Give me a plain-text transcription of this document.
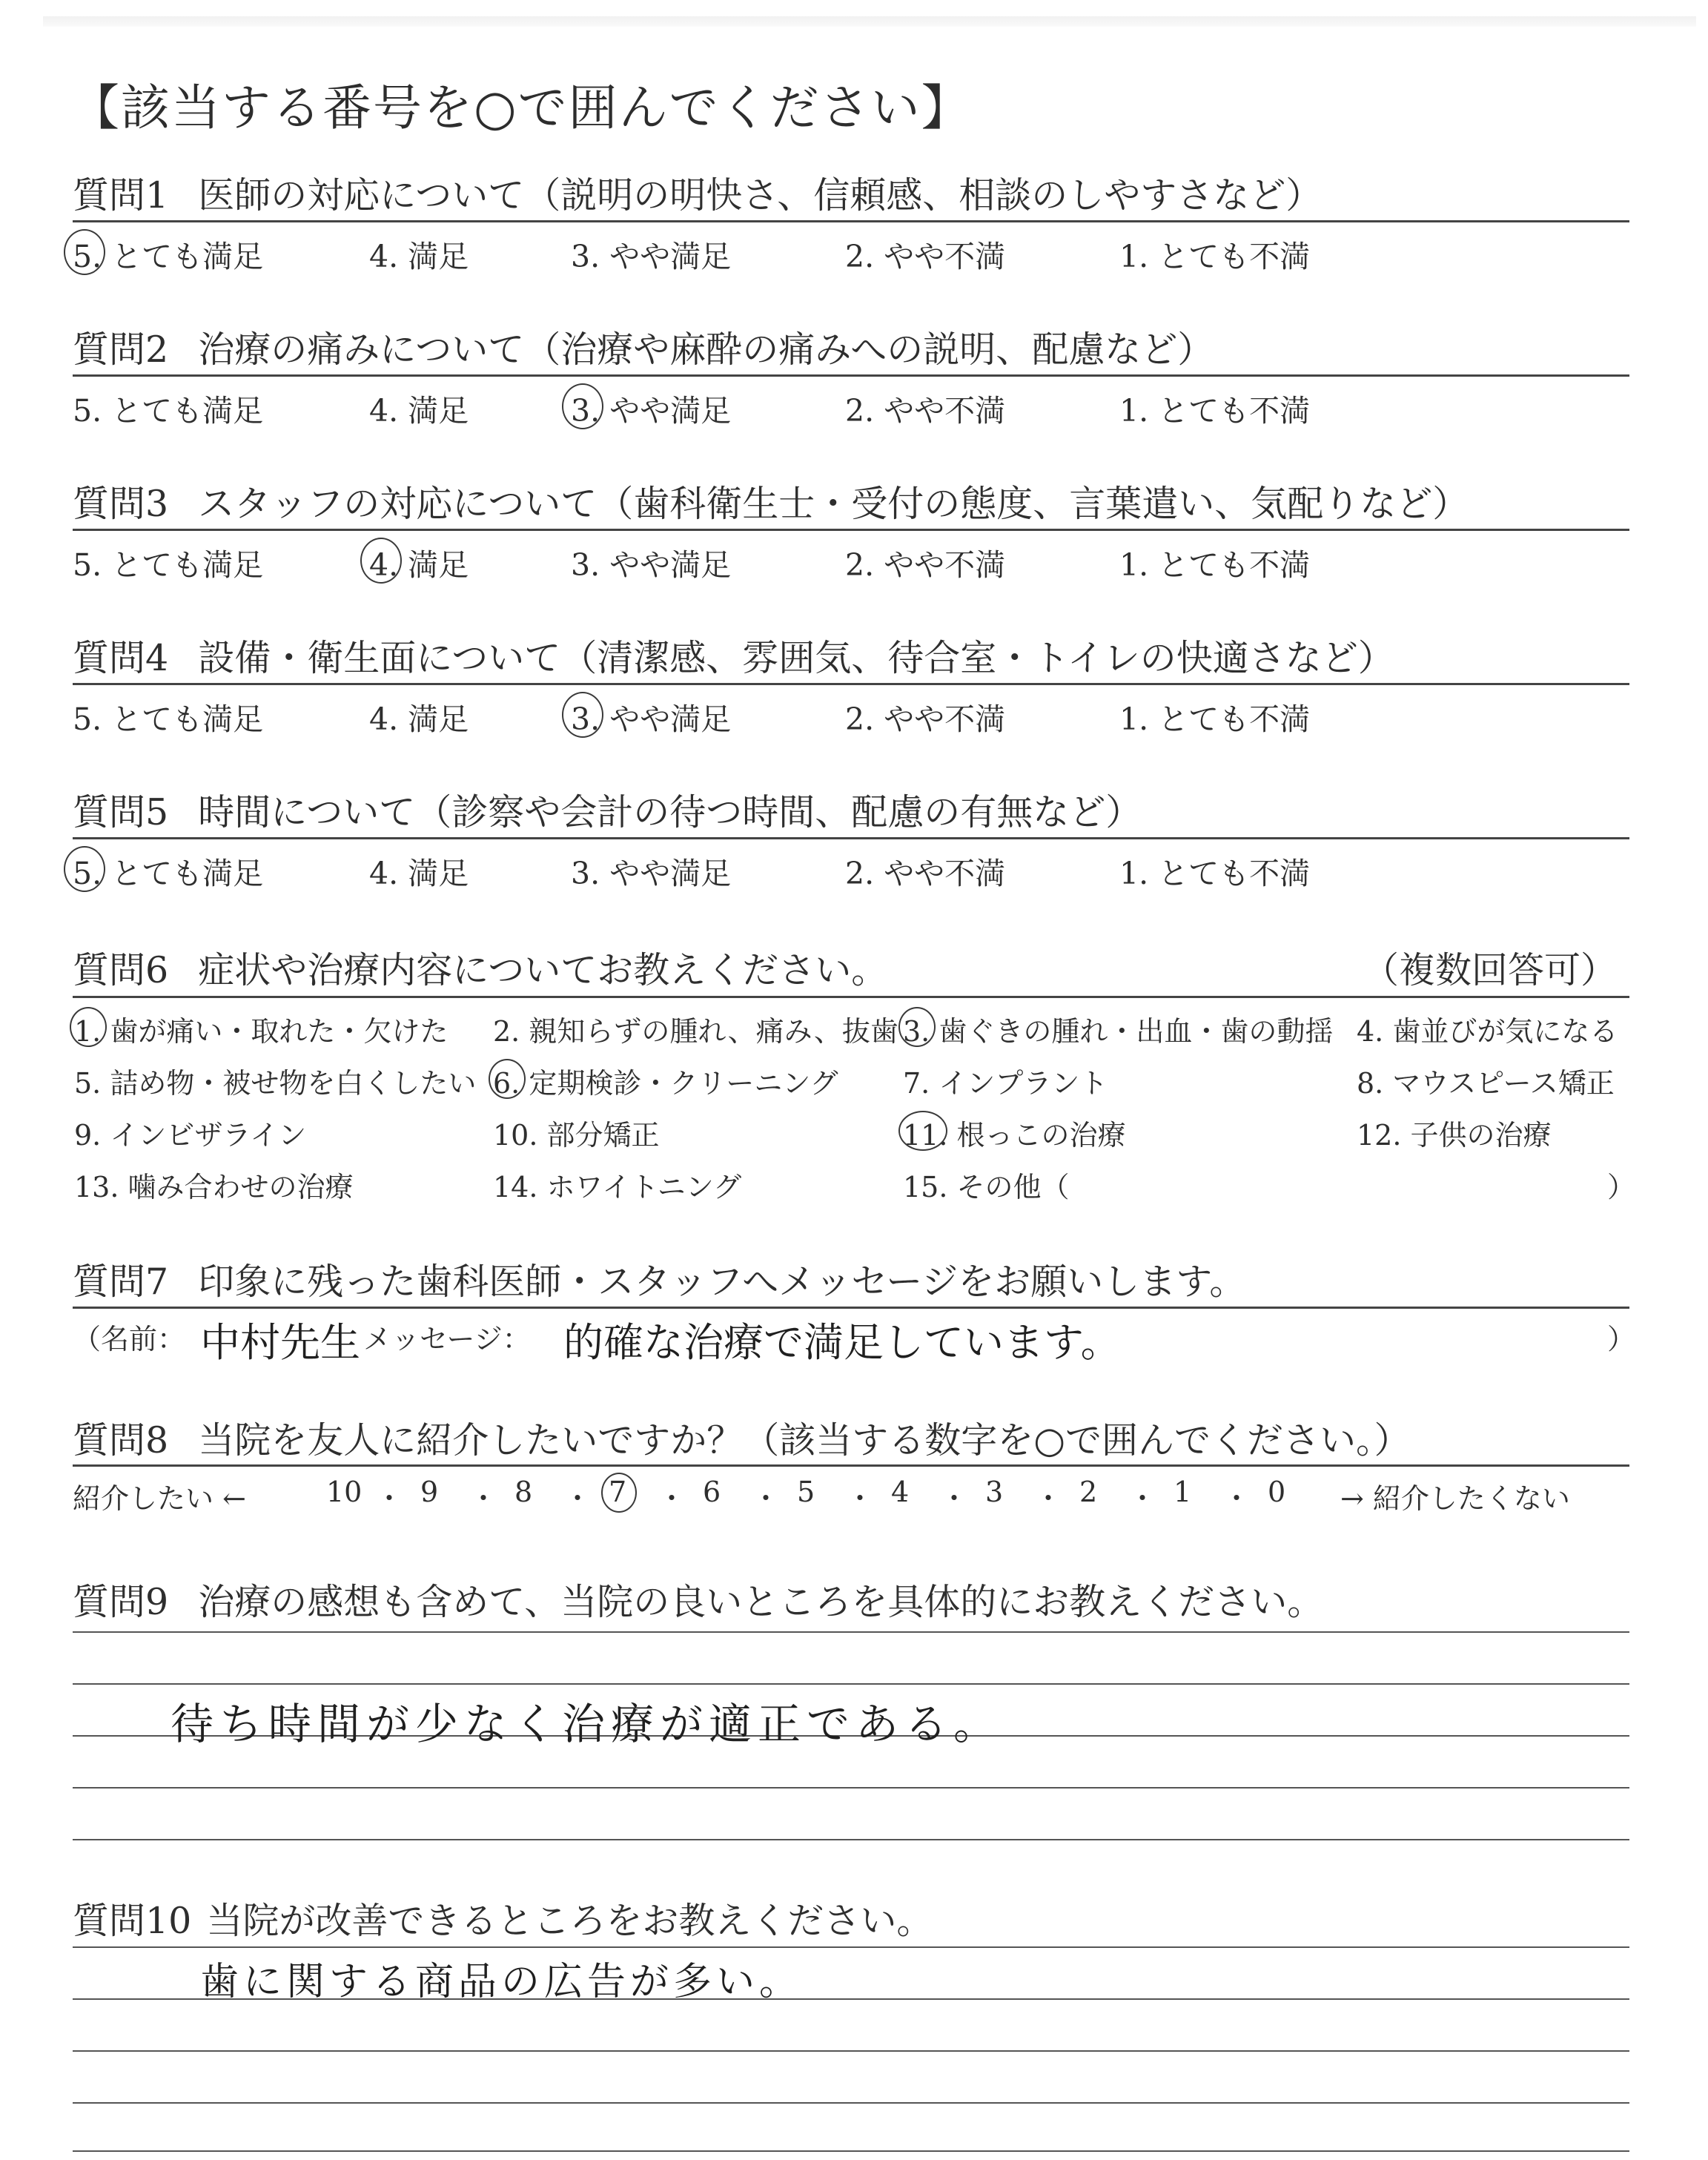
【該当する番号を○で囲んでください】
質問1 医師の対応について（説明の明快さ、信頼感、相談のしやすさなど）
5. とても満足	4. 満足	3. やや満足	2. やや不満	1. とても不満
質問2 治療の痛みについて（治療や麻酔の痛みへの説明、配慮など）
5. とても満足	4. 満足	3. やや満足	2. やや不満	1. とても不満
質問3 スタッフの対応について（歯科衛生士・受付の態度、言葉遣い、気配りなど）
5. とても満足	4. 満足	3. やや満足	2. やや不満	1. とても不満
質問4 設備・衛生面について（清潔感、雰囲気、待合室・トイレの快適さなど）
5. とても満足	4. 満足	3. やや満足	2. やや不満	1. とても不満
質問5 時間について（診察や会計の待つ時間、配慮の有無など）
5. とても満足	4. 満足	3. やや満足	2. やや不満	1. とても不満
質問6 症状や治療内容についてお教えください。	（複数回答可）
1. 歯が痛い・取れた・欠けた 2. 親知らずの腫れ、痛み、抜歯 3. 歯ぐきの腫れ・出血・歯の動揺 4. 歯並びが気になる
5. 詰め物・被せ物を白くしたい 6. 定期検診・クリーニング 7. インプラント	8. マウスピース矯正
9. インビザライン	10. 部分矯正	11. 根っこの治療	12. 子供の治療
13. 噛み合わせの治療	14. ホワイトニング	15. その他（	）
質問7 印象に残った歯科医師・スタッフへメッセージをお願いします。
（名前： 中村先生 メッセージ： 的確な治療で満足しています。	）
質問8 当院を友人に紹介したいですか？（該当する数字を○で囲んでください。）
紹介したい ←	→ 紹介したくない
10 ・ 9 ・ 8 ・ 7 ・ 6 ・ 5 ・ 4 ・ 3 ・ 2 ・ 1 ・ 0
質問9 治療の感想も含めて、当院の良いところを具体的にお教えください。
待ち時間が少なく治療が適正である。
質問10 当院が改善できるところをお教えください。
歯に関する商品の広告が多い。
